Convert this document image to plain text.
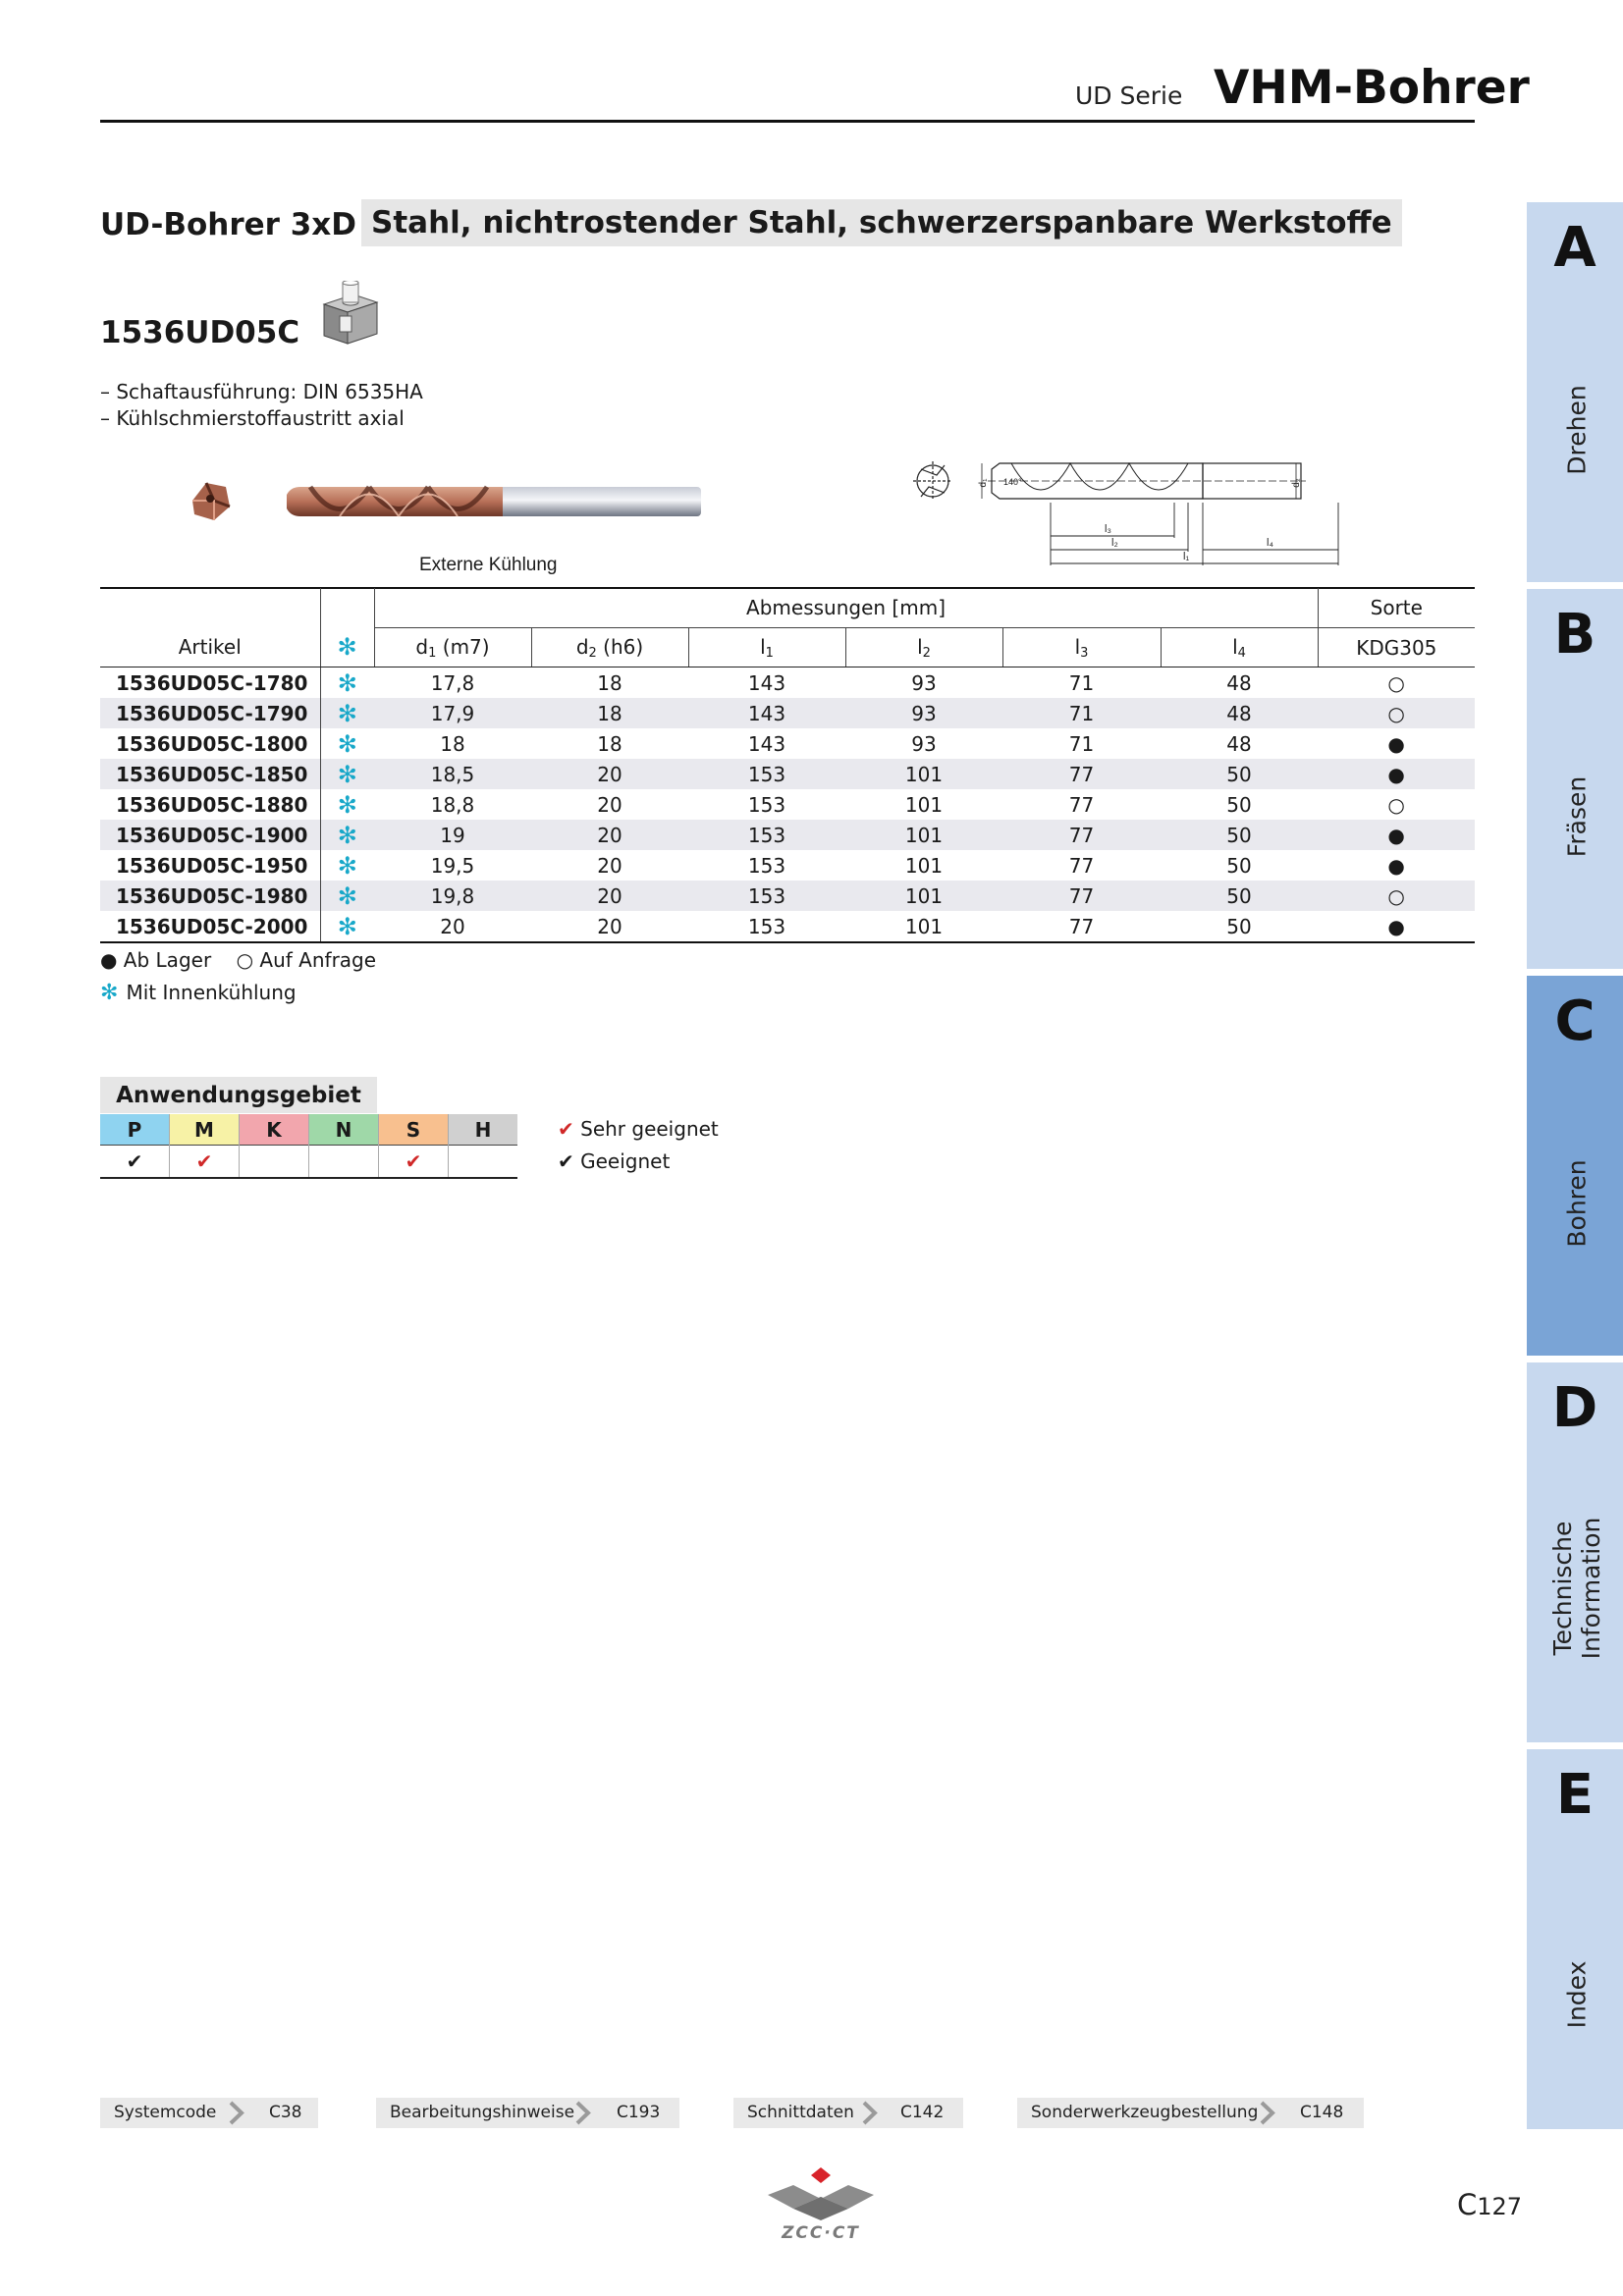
UD Serie VHM-Bohrer
UD-Bohrer 3xD Stahl, nichtrostender Stahl, schwerzerspanbare Werkstoffe
1536UD05C
– Schaftausführung: DIN 6535HA
– Kühlschmierstoffaustritt axial
Externe Kühlung
d₁	d₂
140°
l₃
l₂	l₄
l₁
Artikel	✻	Abmessungen [mm]						Sorte
		$d_1$ (m7)	$d_2$ (h6)	$l_1$	$l_2$	$l_3$	$l_4$	KDG305
1536UD05C-1780	✻	17,8	18	143	93	71	48	○
1536UD05C-1790	✻	17,9	18	143	93	71	48	○
1536UD05C-1800	✻	18	18	143	93	71	48	●
1536UD05C-1850	✻	18,5	20	153	101	77	50	●
1536UD05C-1880	✻	18,8	20	153	101	77	50	○
1536UD05C-1900	✻	19	20	153	101	77	50	●
1536UD05C-1950	✻	19,5	20	153	101	77	50	●
1536UD05C-1980	✻	19,8	20	153	101	77	50	○
1536UD05C-2000	✻	20	20	153	101	77	50	●
● Ab Lager ○ Auf Anfrage
✻ Mit Innenkühlung
Anwendungsgebiet
P	M	K	N	S	H
✔	✔			✔	
✔ Sehr geeignet
✔ Geeignet
A
Drehen
B
Fräsen
C
Bohren
D
Technische
Information
E
Index
Systemcode	C38	Bearbeitungshinweise	C193	Schnittdaten	C142	Sonderwerkzeugbestellung	C148
ZCC·CT
C127
